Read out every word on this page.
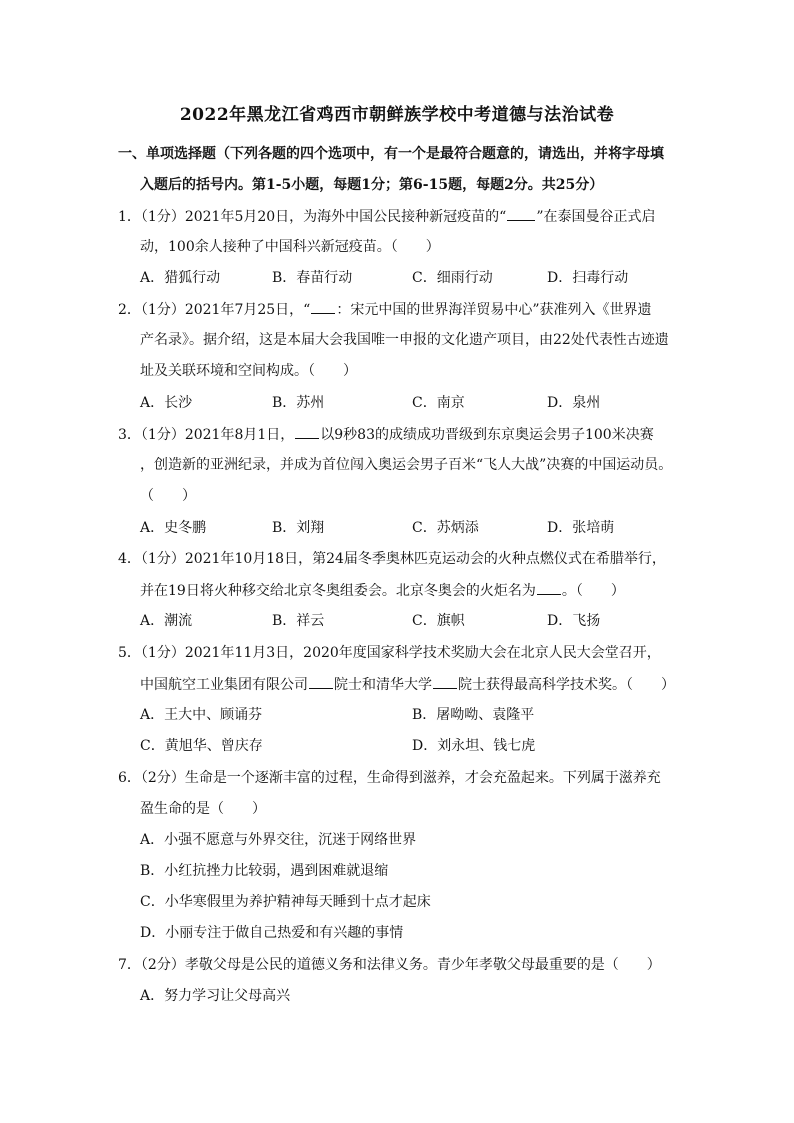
2022年黑龙江省鸡西市朝鲜族学校中考道德与法治试卷
一、单项选择题（下列各题的四个选项中，有一个是最符合题意的，请选出，并将字母填
入题后的括号内。第1-5小题，每题1分；第6-15题，每题2分。共25分）
1．（1分）2021年5月20日，为海外中国公民接种新冠疫苗的“ ”在泰国曼谷正式启
动，100余人接种了中国科兴新冠疫苗。（　　）
A．猎狐行动	B．春苗行动	C．细雨行动	D．扫毒行动
2．（1分）2021年7月25日，“ ：宋元中国的世界海洋贸易中心”获准列入《世界遗
产名录》。据介绍，这是本届大会我国唯一申报的文化遗产项目，由22处代表性古迹遗
址及关联环境和空间构成。（　　）
A．长沙	B．苏州	C．南京	D．泉州
3．（1分）2021年8月1日， 以9秒83的成绩成功晋级到东京奥运会男子100米决赛
，创造新的亚洲纪录，并成为首位闯入奥运会男子百米“飞人大战”决赛的中国运动员。
（　　）
A．史冬鹏	B．刘翔	C．苏炳添	D．张培萌
4．（1分）2021年10月18日，第24届冬季奥林匹克运动会的火种点燃仪式在希腊举行，
并在19日将火种移交给北京冬奥组委会。北京冬奥会的火炬名为 。（　　）
A．潮流	B．祥云	C．旗帜	D．飞扬
5．（1分）2021年11月3日，2020年度国家科学技术奖励大会在北京人民大会堂召开，
中国航空工业集团有限公司 院士和清华大学 院士获得最高科学技术奖。（　　）
A．王大中、顾诵芬	B．屠呦呦、袁隆平
C．黄旭华、曾庆存	D．刘永坦、钱七虎
6．（2分）生命是一个逐渐丰富的过程，生命得到滋养，才会充盈起来。下列属于滋养充
盈生命的是（　　）
A．小强不愿意与外界交往，沉迷于网络世界
B．小红抗挫力比较弱，遇到困难就退缩
C．小华寒假里为养护精神每天睡到十点才起床
D．小丽专注于做自己热爱和有兴趣的事情
7．（2分）孝敬父母是公民的道德义务和法律义务。青少年孝敬父母最重要的是（　　）
A．努力学习让父母高兴
